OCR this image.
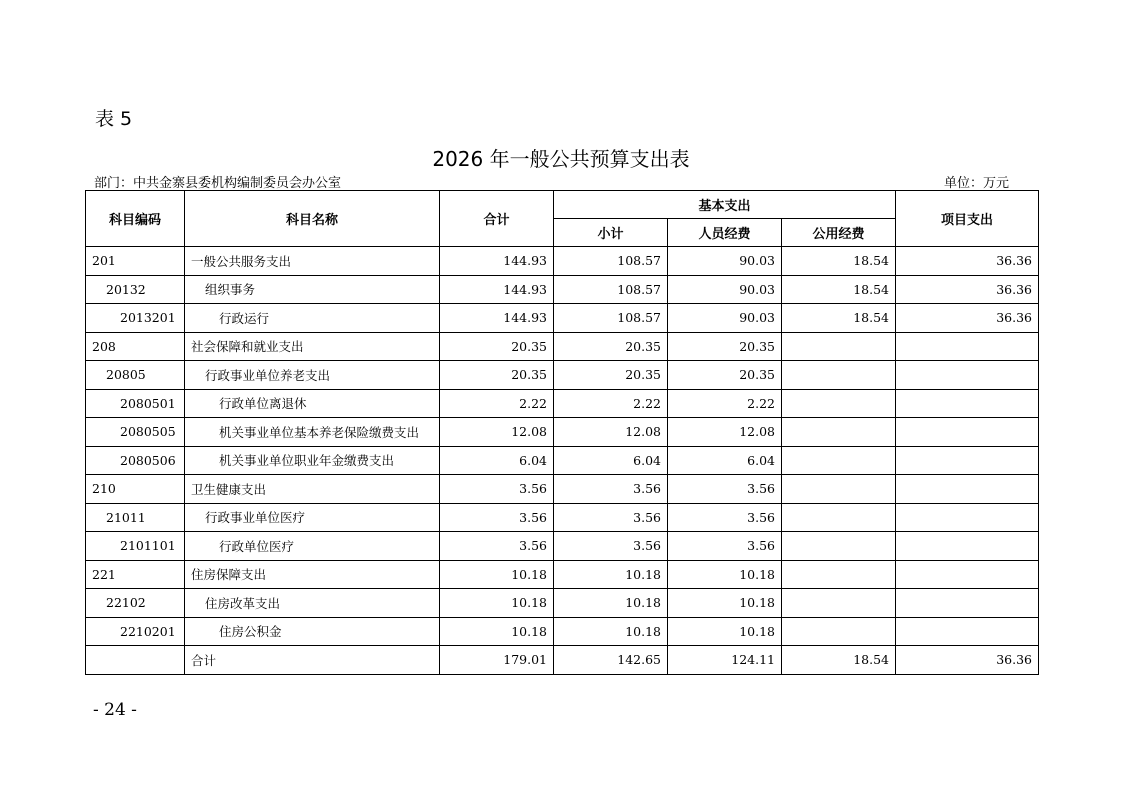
表 5
2026 年一般公共预算支出表
部门：中共金寨县委机构编制委员会办公室	单位：万元
科目编码	科目名称	合计	基本支出			项目支出
			小计	人员经费	公用经费	
201	一般公共服务支出	144.93	108.57	90.03	18.54	36.36
20132	组织事务	144.93	108.57	90.03	18.54	36.36
2013201	行政运行	144.93	108.57	90.03	18.54	36.36
208	社会保障和就业支出	20.35	20.35	20.35		
20805	行政事业单位养老支出	20.35	20.35	20.35		
2080501	行政单位离退休	2.22	2.22	2.22		
2080505	机关事业单位基本养老保险缴费支出	12.08	12.08	12.08		
2080506	机关事业单位职业年金缴费支出	6.04	6.04	6.04		
210	卫生健康支出	3.56	3.56	3.56		
21011	行政事业单位医疗	3.56	3.56	3.56		
2101101	行政单位医疗	3.56	3.56	3.56		
221	住房保障支出	10.18	10.18	10.18		
22102	住房改革支出	10.18	10.18	10.18		
2210201	住房公积金	10.18	10.18	10.18		
	合计	179.01	142.65	124.11	18.54	36.36
- 24 -
